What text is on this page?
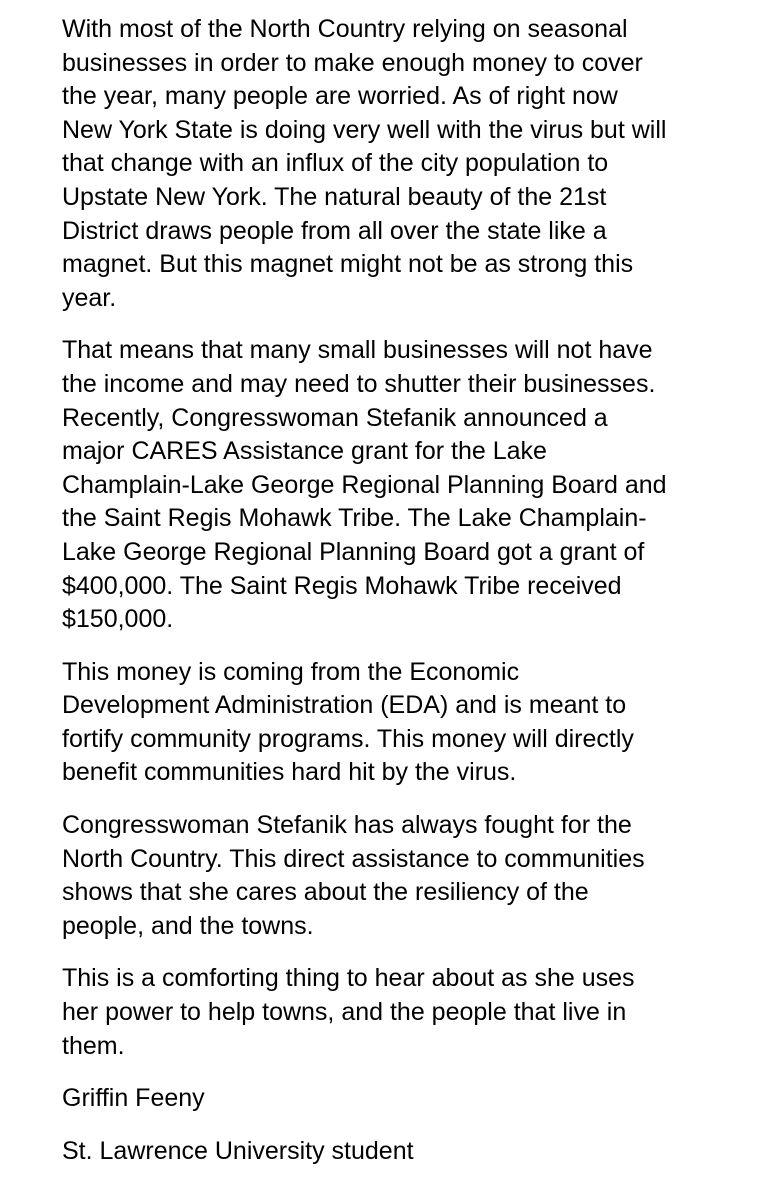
With most of the North Country relying on seasonal
businesses in order to make enough money to cover
the year, many people are worried. As of right now
New York State is doing very well with the virus but will
that change with an influx of the city population to
Upstate New York. The natural beauty of the 21st
District draws people from all over the state like a
magnet. But this magnet might not be as strong this
year.

That means that many small businesses will not have
the income and may need to shutter their businesses.
Recently, Congresswoman Stefanik announced a
major CARES Assistance grant for the Lake
Champlain-Lake George Regional Planning Board and
the Saint Regis Mohawk Tribe. The Lake Champlain-
Lake George Regional Planning Board got a grant of
$400,000. The Saint Regis Mohawk Tribe received
$150,000.

This money is coming from the Economic
Development Administration (EDA) and is meant to
fortify community programs. This money will directly
benefit communities hard hit by the virus.

Congresswoman Stefanik has always fought for the
North Country. This direct assistance to communities
shows that she cares about the resiliency of the
people, and the towns.

This is a comforting thing to hear about as she uses
her power to help towns, and the people that live in
them.

Griffin Feeny

St. Lawrence University student
